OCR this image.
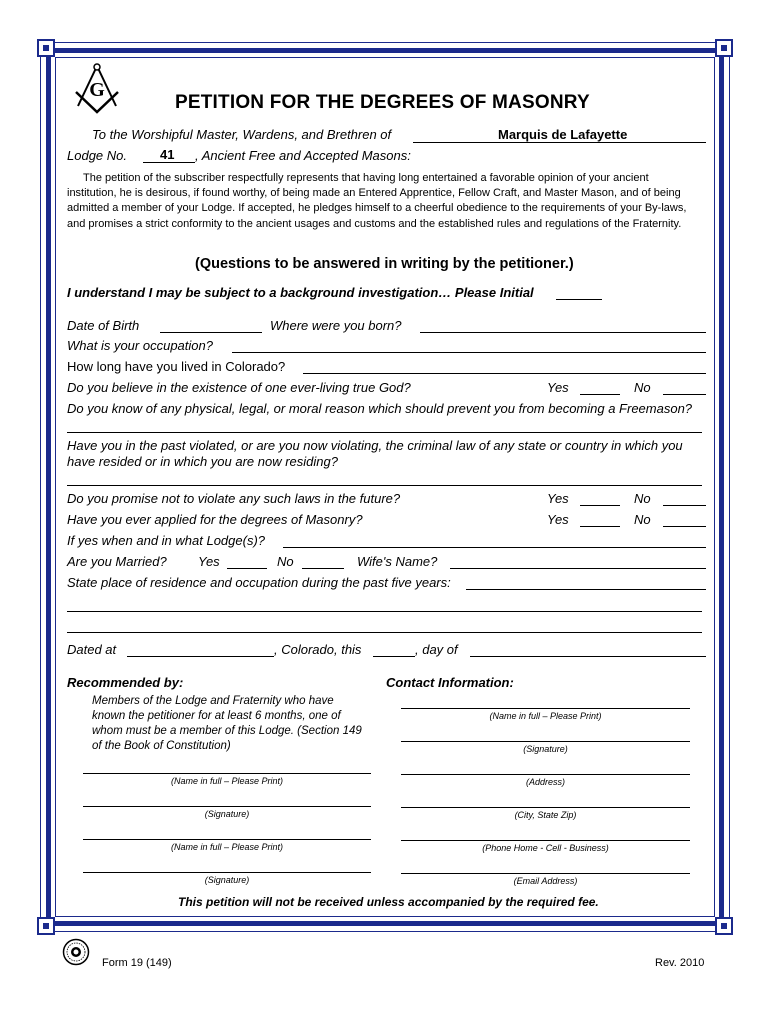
G
PETITION FOR THE DEGREES OF MASONRY
To the Worshipful Master, Wardens, and Brethren of	Marquis de Lafayette
Lodge No.	41 , Ancient Free and Accepted Masons:
The petition of the subscriber respectfully represents that having long entertained a favorable opinion of your ancient institution, he is desirous, if found worthy, of being made an Entered Apprentice, Fellow Craft, and Master Mason, and of being admitted a member of your Lodge. If accepted, he pledges himself to a cheerful obedience to the requirements of your By-laws, and promises a strict conformity to the ancient usages and customs and the established rules and regulations of the Fraternity.
(Questions to be answered in writing by the petitioner.)
I understand I may be subject to a background investigation… Please Initial
Date of Birth	Where were you born?
What is your occupation?
How long have you lived in Colorado?
Do you believe in the existence of one ever-living true God?	Yes	No
Do you know of any physical, legal, or moral reason which should prevent you from becoming a Freemason?
Have you in the past violated, or are you now violating, the criminal law of any state or country in which you
have resided or in which you are now residing?
Do you promise not to violate any such laws in the future?	Yes	No
Have you ever applied for the degrees of Masonry?	Yes	No
If yes when and in what Lodge(s)?
Are you Married? Yes	No	Wife's Name?
State place of residence and occupation during the past five years:
Dated at	, Colorado, this	, day of
Recommended by:
Members of the Lodge and Fraternity who have known the petitioner for at least 6 months, one of whom must be a member of this Lodge. (Section 149 of the Book of Constitution)
(Name in full – Please Print)
(Signature)
(Name in full – Please Print)
(Signature)
Contact Information:
(Name in full – Please Print)
(Signature)
(Address)
(City, State Zip)
(Phone Home - Cell - Business)
(Email Address)
This petition will not be received unless accompanied by the required fee.
Form 19 (149)	Rev. 2010
